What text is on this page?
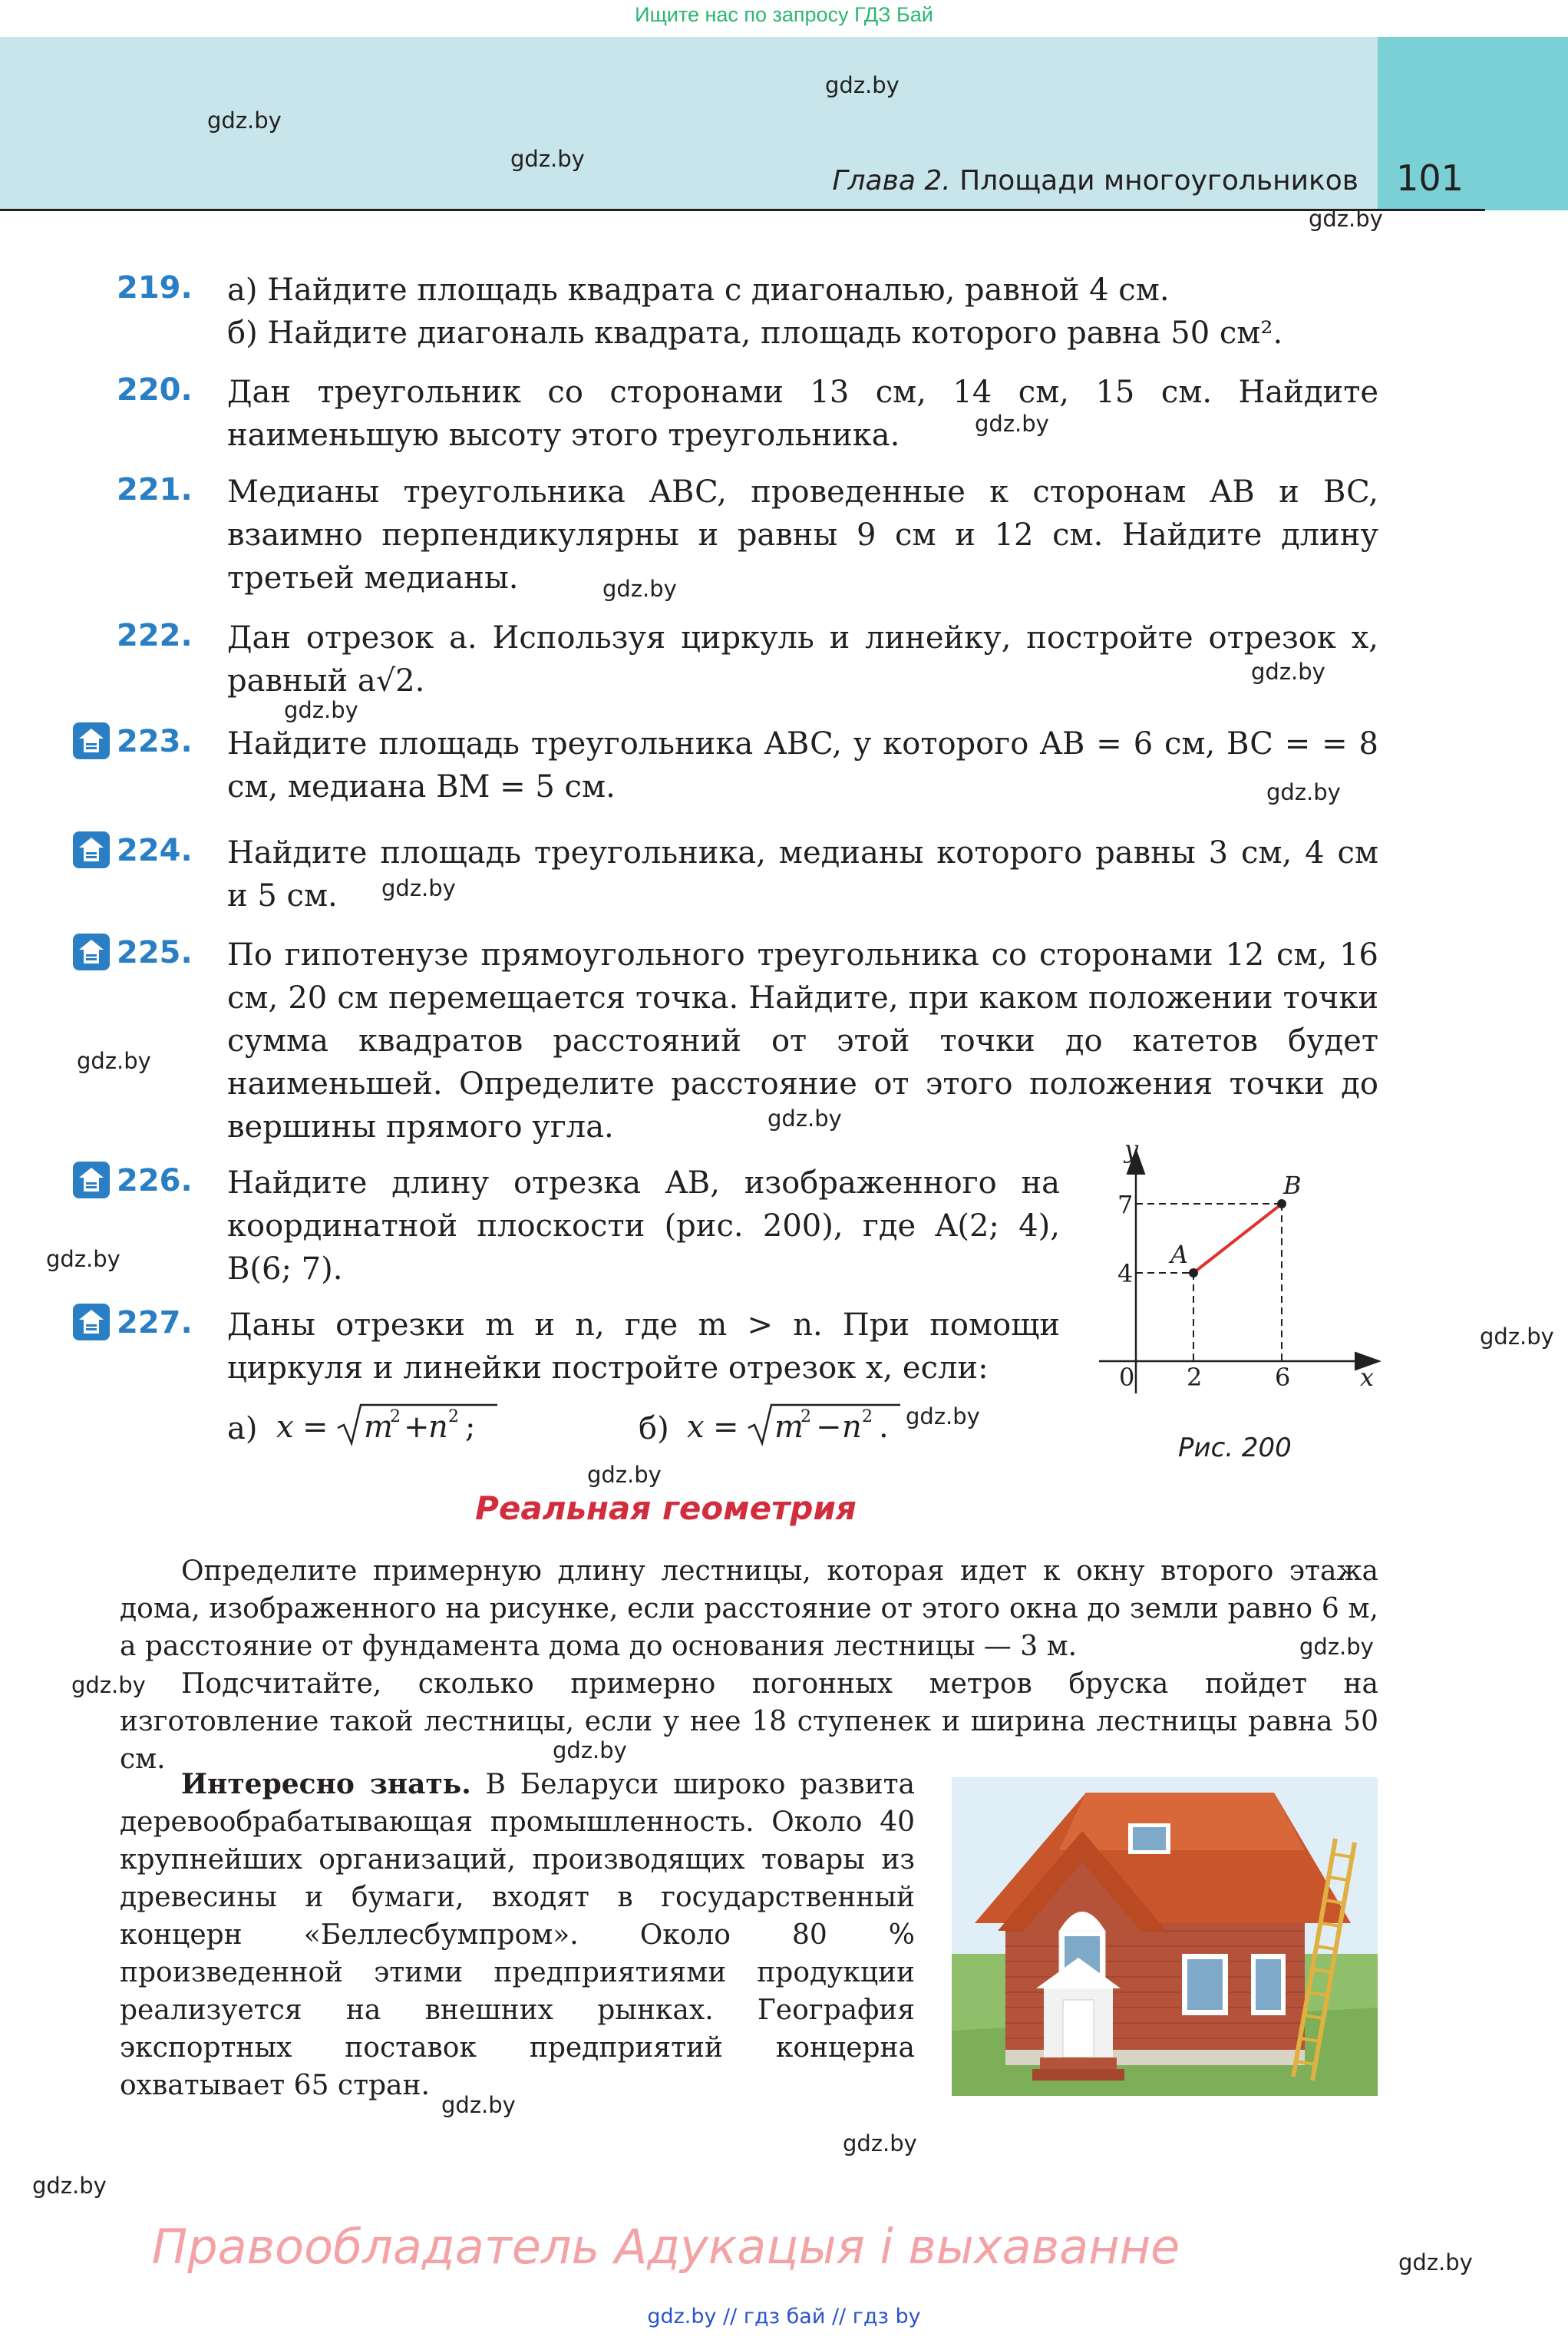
Ищите нас по запросу ГДЗ Бай
Глава 2. Площади многоугольников 101
gdz.by
gdz.by
gdz.by
gdz.by
gdz.by
gdz.by
gdz.by
gdz.by
gdz.by
gdz.by
gdz.by
gdz.by
gdz.by
gdz.by
gdz.by
gdz.by
gdz.by
gdz.by
gdz.by
gdz.by
gdz.by
gdz.by
gdz.by
219. а) Найдите площадь квадрата с диагональю, равной 4 см.
б) Найдите диагональ квадрата, площадь которого равна 50 см².
220. Дан треугольник со сторонами 13 см, 14 см, 15 см. Найдите наименьшую высоту этого треугольника.
221. Медианы треугольника ABC, проведенные к сторонам AB и BC, взаимно перпендикулярны и равны 9 см и 12 см. Найдите длину третьей медианы.
222. Дан отрезок a. Используя циркуль и линейку, постройте отрезок x, равный a√2.
223. Найдите площадь треугольника ABC, у которого AB = 6 см, BC = = 8 см, медиана BM = 5 см.
224. Найдите площадь треугольника, медианы которого равны 3 см, 4 см и 5 см.
225. По гипотенузе прямоугольного треугольника со сторонами 12 см, 16 см, 20 см перемещается точка. Найдите, при каком положении точки сумма квадратов расстояний от этой точки до катетов будет наименьшей. Определите расстояние от этого положения точки до вершины прямого угла.
226. Найдите длину отрезка AB, изображенного на координатной плоскости (рис. 200), где A(2; 4), B(6; 7).
227. Даны отрезки m и n, где m > n. При помощи циркуля и линейки постройте отрезок x, если:
а) x = m
2 +
n 2 ;	б) x = m
2 − n 2 .
A
B
y
x
0 2	6
4
7
Рис. 200
Реальная геометрия
Определите примерную длину лестницы, которая идет к окну второго этажа дома, изображенного на рисунке, если расстояние от этого окна до земли равно 6 м, а расстояние от фундамента дома до основания лестницы — 3 м.
Подсчитайте, сколько примерно погонных метров бруска пойдет на изготовление такой лестницы, если у нее 18 ступенек и ширина лестницы равна 50 см.
Интересно знать. В Беларуси широко развита деревообрабатывающая промышленность. Около 40 крупнейших организаций, производящих товары из древесины и бумаги, входят в государственный концерн «Беллесбумпром». Около 80 % произведенной этими предприятиями продукции реализуется на внешних рынках. География экспортных поставок предприятий концерна охватывает 65 стран.
Правообладатель Адукацыя і выхаванне
gdz.by // гдз бай // гдз by
